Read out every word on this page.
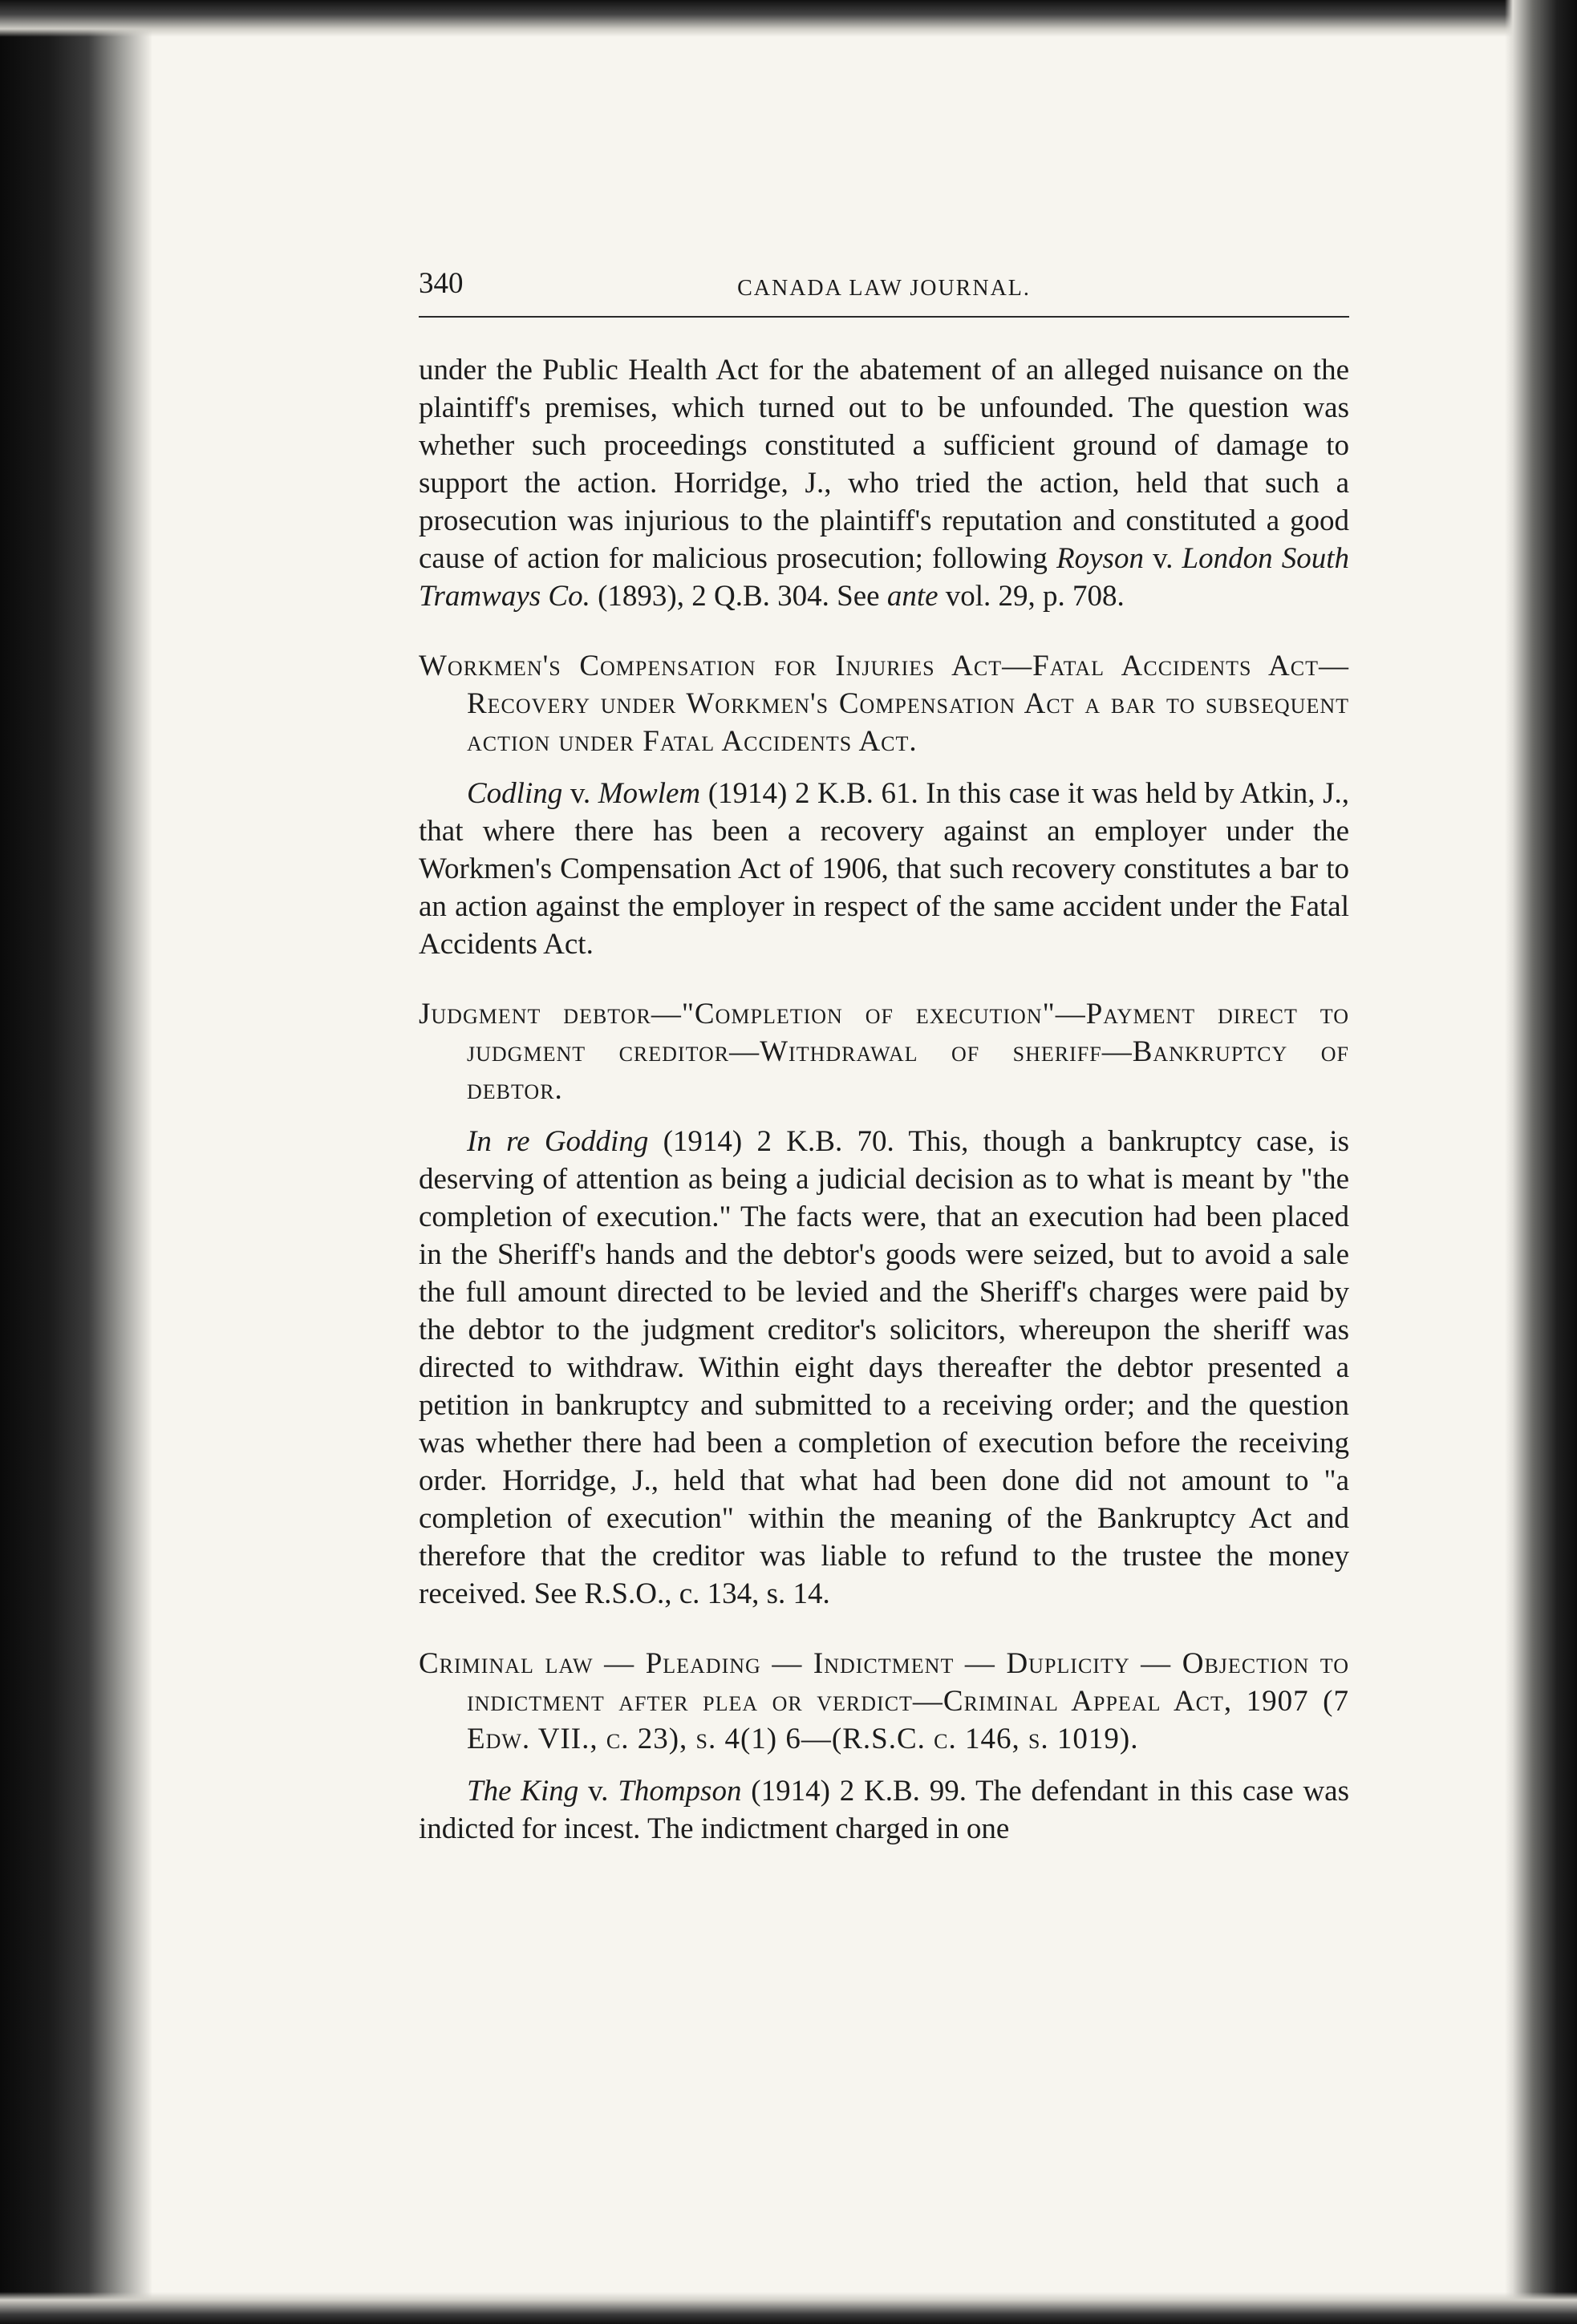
340	CANADA LAW JOURNAL.

under the Public Health Act for the abatement of an alleged nuisance on the plaintiff's premises, which turned out to be unfounded. The question was whether such proceedings constituted a sufficient ground of damage to support the action. Horridge, J., who tried the action, held that such a prosecution was injurious to the plaintiff's reputation and constituted a good cause of action for malicious prosecution; following Royson v. London South Tramways Co. (1893), 2 Q.B. 304. See ante vol. 29, p. 708.

Workmen's Compensation for Injuries Act—Fatal Accidents Act—Recovery under Workmen's Compensation Act a bar to subsequent action under Fatal Accidents Act.

Codling v. Mowlem (1914) 2 K.B. 61. In this case it was held by Atkin, J., that where there has been a recovery against an employer under the Workmen's Compensation Act of 1906, that such recovery constitutes a bar to an action against the employer in respect of the same accident under the Fatal Accidents Act.

Judgment debtor—"Completion of execution"—Payment direct to judgment creditor—Withdrawal of sheriff—Bankruptcy of debtor.

In re Godding (1914) 2 K.B. 70. This, though a bankruptcy case, is deserving of attention as being a judicial decision as to what is meant by "the completion of execution." The facts were, that an execution had been placed in the Sheriff's hands and the debtor's goods were seized, but to avoid a sale the full amount directed to be levied and the Sheriff's charges were paid by the debtor to the judgment creditor's solicitors, whereupon the sheriff was directed to withdraw. Within eight days thereafter the debtor presented a petition in bankruptcy and submitted to a receiving order; and the question was whether there had been a completion of execution before the receiving order. Horridge, J., held that what had been done did not amount to "a completion of execution" within the meaning of the Bankruptcy Act and therefore that the creditor was liable to refund to the trustee the money received. See R.S.O., c. 134, s. 14.

Criminal law — Pleading — Indictment — Duplicity — Objection to indictment after plea or verdict—Criminal Appeal Act, 1907 (7 Edw. VII., c. 23), s. 4(1) 6—(R.S.C. c. 146, s. 1019).

The King v. Thompson (1914) 2 K.B. 99. The defendant in this case was indicted for incest. The indictment charged in one
